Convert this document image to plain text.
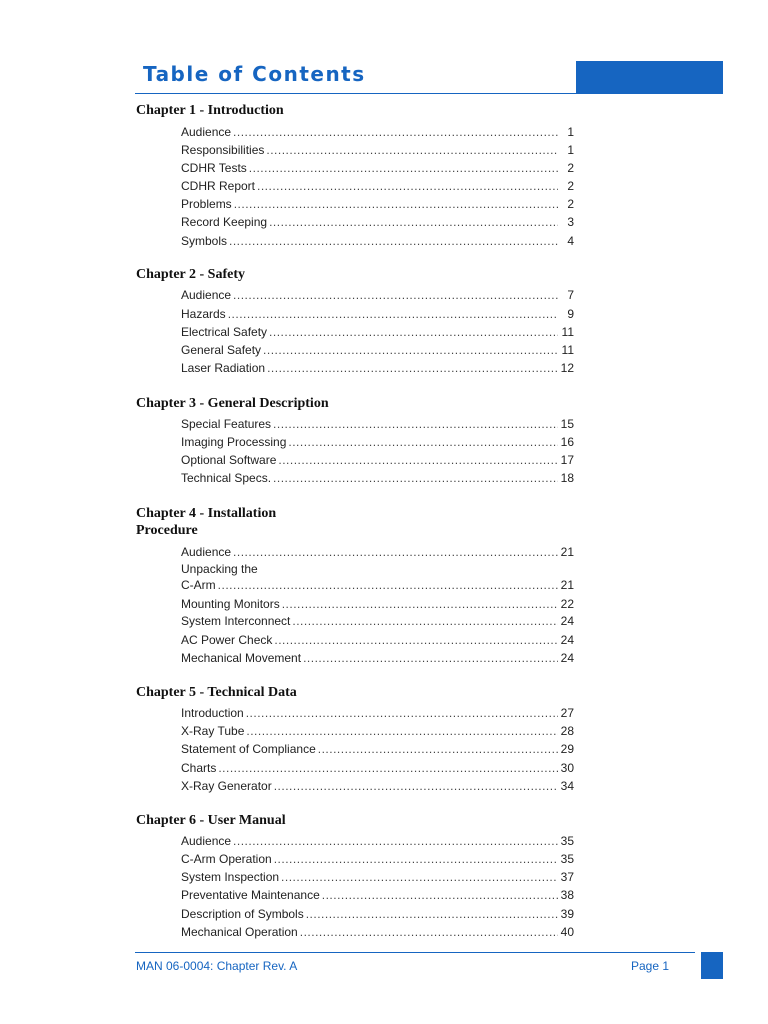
Table of Contents
Chapter 1 - Introduction
Audience .....	1
Responsibilities .....	1
CDHR Tests .....	2
CDHR Report .....	2
Problems .....	2
Record Keeping .....	3
Symbols .....	4
Chapter 2 - Safety
Audience .....	7
Hazards .....	9
Electrical Safety .....	11
General Safety .....	11
Laser Radiation .....	12
Chapter 3 - General Description
Special Features .....	15
Imaging Processing .....	16
Optional Software .....	17
Technical Specs. .....	18
Chapter 4 - Installation
Procedure
Audience .....	21
Unpacking the
C-Arm .....	21
Mounting Monitors .....	22
System Interconnect .....	24
AC Power Check .....	24
Mechanical Movement .....	24
Chapter 5 - Technical Data
Introduction .....	27
X-Ray Tube .....	28
Statement of Compliance .....	29
Charts .....	30
X-Ray Generator .....	34
Chapter 6 - User Manual
Audience .....	35
C-Arm Operation .....	35
System Inspection .....	37
Preventative Maintenance .....	38
Description of Symbols .....	39
Mechanical Operation .....	40
MAN 06-0004: Chapter Rev. A	Page 1
